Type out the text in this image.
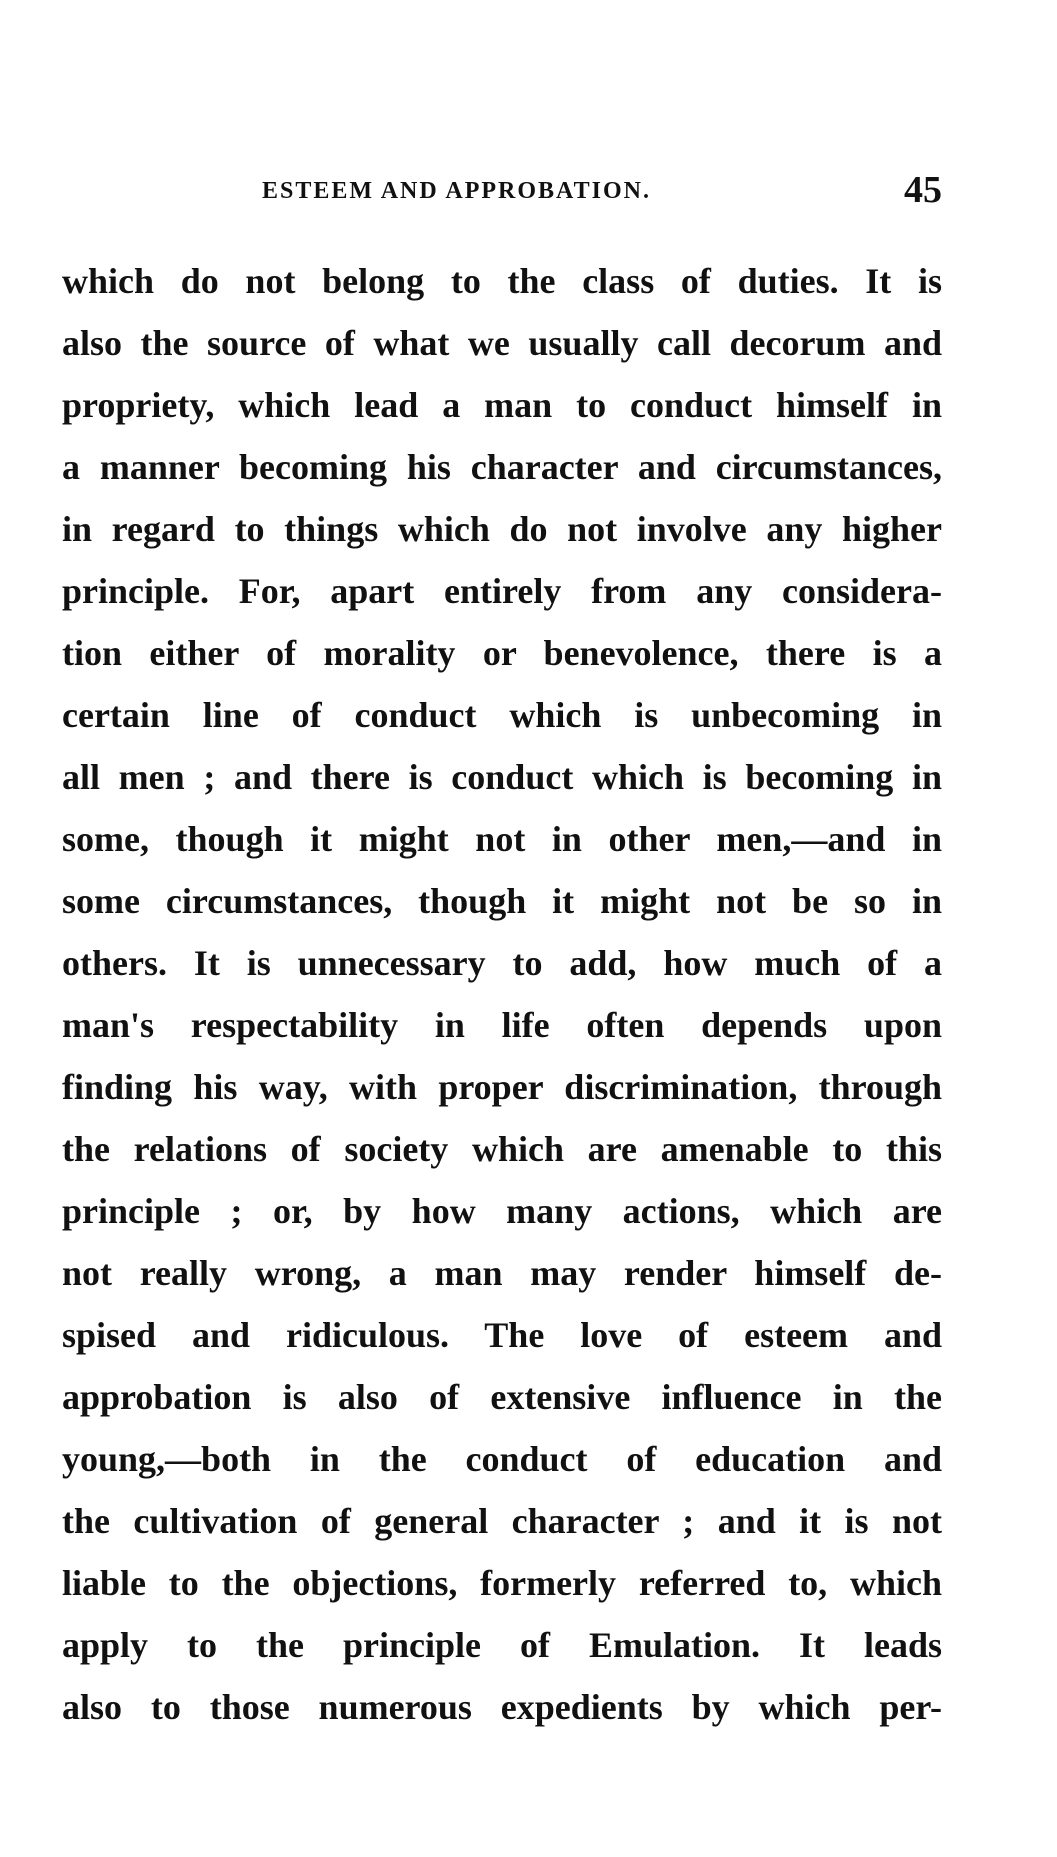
ESTEEM AND APPROBATION.	45
which do not belong to the class of duties. It is
also the source of what we usually call decorum and
propriety, which lead a man to conduct himself in
a manner becoming his character and circumstances,
in regard to things which do not involve any higher
principle. For, apart entirely from any considera-
tion either of morality or benevolence, there is a
certain line of conduct which is unbecoming in
all men ; and there is conduct which is becoming in
some, though it might not in other men,—and in
some circumstances, though it might not be so in
others. It is unnecessary to add, how much of a
man's respectability in life often depends upon
finding his way, with proper discrimination, through
the relations of society which are amenable to this
principle ; or, by how many actions, which are
not really wrong, a man may render himself de-
spised and ridiculous. The love of esteem and
approbation is also of extensive influence in the
young,—both in the conduct of education and
the cultivation of general character ; and it is not
liable to the objections, formerly referred to, which
apply to the principle of Emulation. It leads
also to those numerous expedients by which per-
